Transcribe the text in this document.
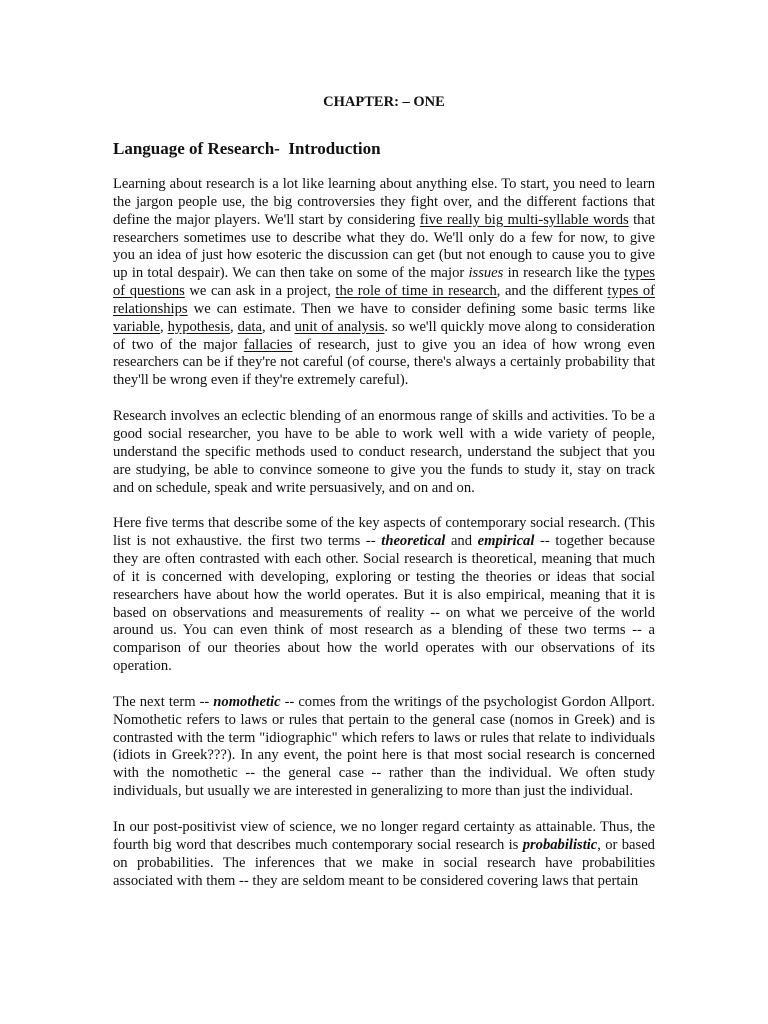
CHAPTER: – ONE
Language of Research-  Introduction

Learning about research is a lot like learning about anything else. To start, you need to learn the jargon people use, the big controversies they fight over, and the different factions that define the major players. We'll start by considering five really big multi-syllable words that researchers sometimes use to describe what they do. We'll only do a few for now, to give you an idea of just how esoteric the discussion can get (but not enough to cause you to give up in total despair). We can then take on some of the major issues in research like the types of questions we can ask in a project, the role of time in research, and the different types of relationships we can estimate. Then we have to consider defining some basic terms like variable, hypothesis, data, and unit of analysis. so we'll quickly move along to consideration of two of the major fallacies of research, just to give you an idea of how wrong even researchers can be if they're not careful (of course, there's always a certainly probability that they'll be wrong even if they're extremely careful).

Research involves an eclectic blending of an enormous range of skills and activities. To be a good social researcher, you have to be able to work well with a wide variety of people, understand the specific methods used to conduct research, understand the subject that you are studying, be able to convince someone to give you the funds to study it, stay on track and on schedule, speak and write persuasively, and on and on.

Here five terms that describe some of the key aspects of contemporary social research. (This list is not exhaustive. the first two terms -- theoretical and empirical -- together because they are often contrasted with each other. Social research is theoretical, meaning that much of it is concerned with developing, exploring or testing the theories or ideas that social researchers have about how the world operates. But it is also empirical, meaning that it is based on observations and measurements of reality -- on what we perceive of the world around us. You can even think of most research as a blending of these two terms -- a comparison of our theories about how the world operates with our observations of its operation.

The next term -- nomothetic -- comes from the writings of the psychologist Gordon Allport. Nomothetic refers to laws or rules that pertain to the general case (nomos in Greek) and is contrasted with the term "idiographic" which refers to laws or rules that relate to individuals (idiots in Greek???). In any event, the point here is that most social research is concerned with the nomothetic -- the general case -- rather than the individual. We often study individuals, but usually we are interested in generalizing to more than just the individual.

In our post-positivist view of science, we no longer regard certainty as attainable. Thus, the fourth big word that describes much contemporary social research is probabilistic, or based on probabilities. The inferences that we make in social research have probabilities associated with them -- they are seldom meant to be considered covering laws that pertain
